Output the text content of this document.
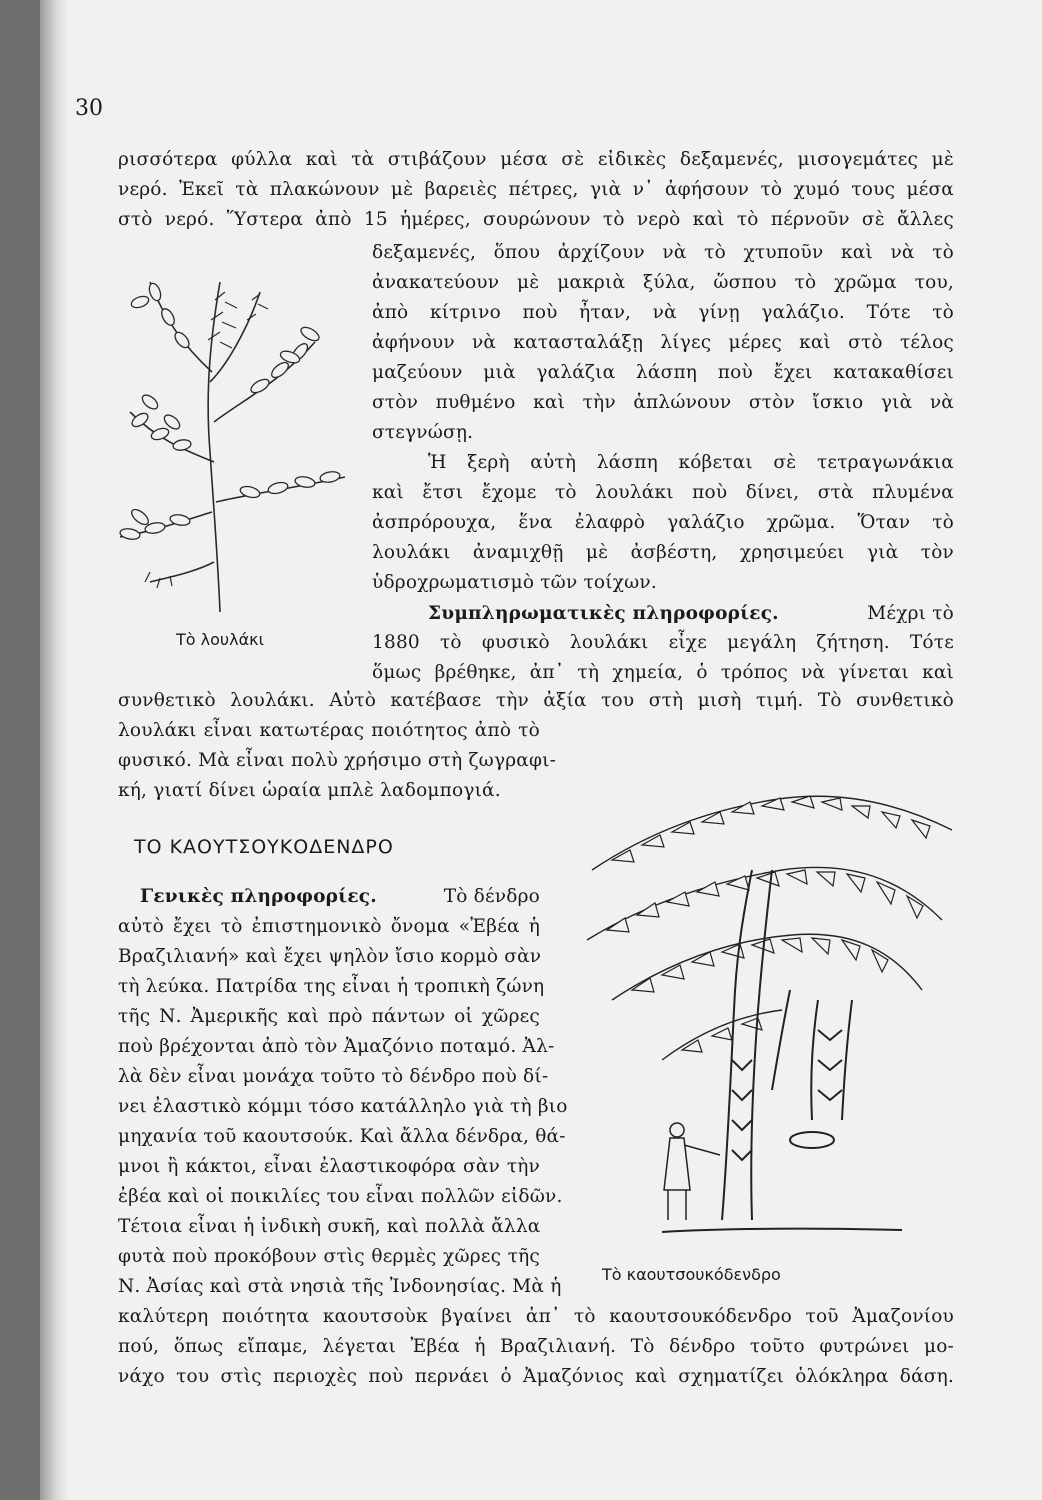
30
ρισσότερα φύλλα καὶ τὰ στιβάζουν μέσα σὲ εἰδικὲς δεξαμενές, μισογεμάτες μὲ
νερό. Ἐκεῖ τὰ πλακώνουν μὲ βαρειὲς πέτρες, γιὰ ν᾽ ἀφήσουν τὸ χυμό τους μέσα
στὸ νερό. Ὕστερα ἀπὸ 15 ἡμέρες, σουρώνουν τὸ νερὸ καὶ τὸ πέρνοῦν σὲ ἄλλες
Τὸ λουλάκι
δεξαμενές, ὅπου ἀρχίζουν νὰ τὸ χτυποῦν καὶ νὰ τὸ
ἀνακατεύουν μὲ μακριὰ ξύλα, ὥσπου τὸ χρῶμα του,
ἀπὸ κίτρινο ποὺ ἦταν, νὰ γίνῃ γαλάζιο. Τότε τὸ
ἀφήνουν νὰ κατασταλάξῃ λίγες μέρες καὶ στὸ τέλος
μαζεύουν μιὰ γαλάζια λάσπη ποὺ ἔχει κατακαθίσει
στὸν πυθμένο καὶ τὴν ἁπλώνουν στὸν ἴσκιο γιὰ νὰ
στεγνώσῃ.
Ἡ ξερὴ αὐτὴ λάσπη κόβεται σὲ τετραγωνάκια
καὶ ἔτσι ἔχομε τὸ λουλάκι ποὺ δίνει, στὰ πλυμένα
ἀσπρόρουχα, ἕνα ἐλαφρὸ γαλάζιο χρῶμα. Ὅταν τὸ
λουλάκι ἀναμιχθῇ μὲ ἀσβέστη, χρησιμεύει γιὰ τὸν
ὑδροχρωματισμὸ τῶν τοίχων.
Συμπληρωματικὲς πληροφορίες.	Μέχρι τὸ
1880 τὸ φυσικὸ λουλάκι εἶχε μεγάλη ζήτηση. Τότε
ὅμως βρέθηκε, ἀπ᾽ τὴ χημεία, ὁ τρόπος νὰ γίνεται καὶ
συνθετικὸ λουλάκι. Αὐτὸ κατέβασε τὴν ἀξία του στὴ μισὴ τιμή. Τὸ συνθετικὸ
λουλάκι εἶναι κατωτέρας ποιότητος ἀπὸ τὸ
φυσικό. Μὰ εἶναι πολὺ χρήσιμο στὴ ζωγραφι-
κή, γιατί δίνει ὡραία μπλὲ λαδομπογιά.
ΤΟ ΚΑΟΥΤΣΟΥΚΟΔΕΝΔΡΟ
Γενικὲς πληροφορίες.	Τὸ δένδρο
αὐτὸ ἔχει τὸ ἐπιστημονικὸ ὄνομα «Ἐβέα ἡ
Βραζιλιανή» καὶ ἔχει ψηλὸν ἴσιο κορμὸ σὰν
τὴ λεύκα. Πατρίδα της εἶναι ἡ τροπικὴ ζώνη
τῆς Ν. Ἀμερικῆς καὶ πρὸ πάντων οἱ χῶρες
ποὺ βρέχονται ἀπὸ τὸν Ἀμαζόνιο ποταμό. Ἀλ-
λὰ δὲν εἶναι μονάχα τοῦτο τὸ δένδρο ποὺ δί-
νει ἐλαστικὸ κόμμι τόσο κατάλληλο γιὰ τὴ βιο
μηχανία τοῦ καουτσούκ. Καὶ ἄλλα δένδρα, θά-
μνοι ἢ κάκτοι, εἶναι ἐλαστικοφόρα σὰν τὴν
ἐβέα καὶ οἱ ποικιλίες του εἶναι πολλῶν εἰδῶν.
Τέτοια εἶναι ἡ ἰνδικὴ συκῆ, καὶ πολλὰ ἄλλα
φυτὰ ποὺ προκόβουν στὶς θερμὲς χῶρες τῆς
Ν. Ἀσίας καὶ στὰ νησιὰ τῆς Ἰνδονησίας. Μὰ ἡ
Τὸ καουτσουκόδενδρο
καλύτερη ποιότητα καουτσοὺκ βγαίνει ἀπ᾽ τὸ καουτσουκόδενδρο τοῦ Ἀμαζονίου
πού, ὅπως εἴπαμε, λέγεται Ἐβέα ἡ Βραζιλιανή. Τὸ δένδρο τοῦτο φυτρώνει μο-
νάχο του στὶς περιοχὲς ποὺ περνάει ὁ Ἀμαζόνιος καὶ σχηματίζει ὁλόκληρα δάση.
